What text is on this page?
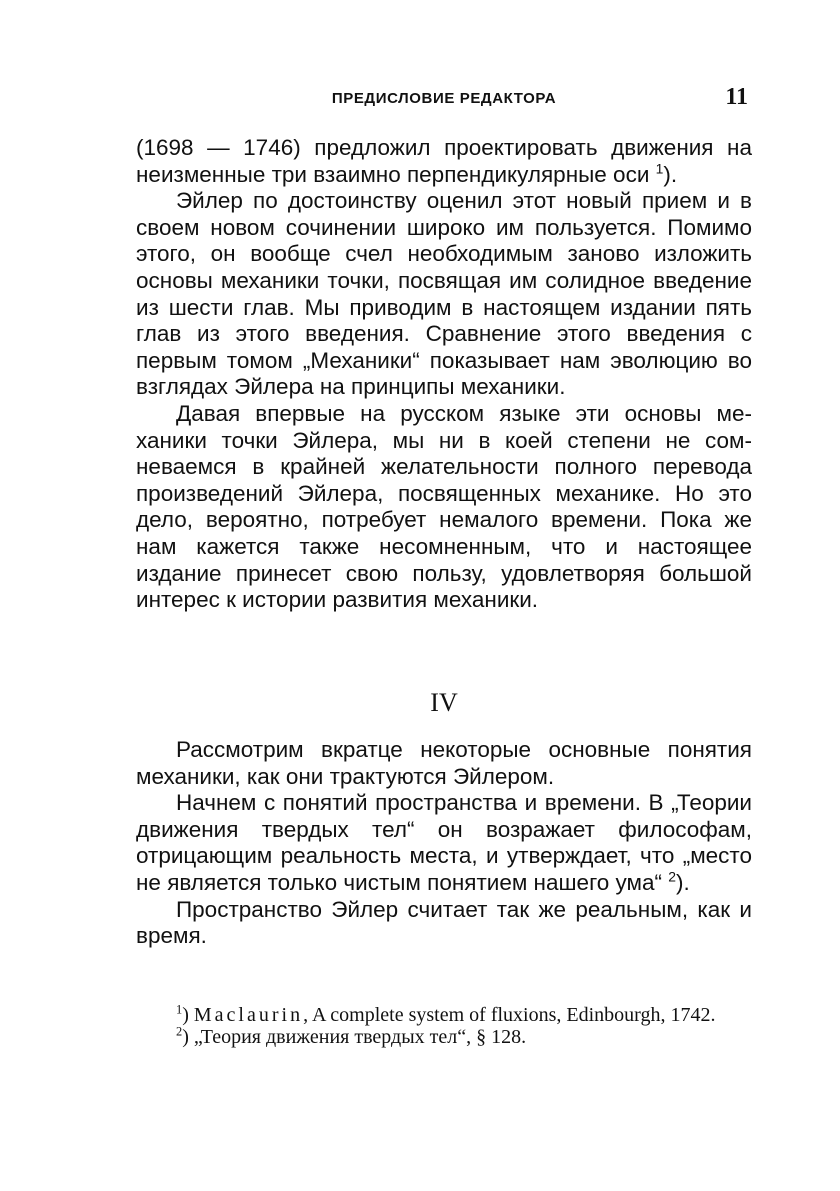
ПРЕДИСЛОВИЕ РЕДАКТОРА	11

(1698 — 1746) предложил проектировать движения на неизменные три взаимно перпендикулярные оси $^1$).

Эйлер по достоинству оценил этот новый прием и в своем новом сочинении широко им пользуется. Помимо этого, он вообще счел необходимым заново изложить основы механики точки, посвящая им солидное введение из шести глав. Мы приводим в настоящем издании пять глав из этого введения. Сравнение этого введения с первым томом „Механики“ показывает нам эволюцию во взглядах Эйлера на принципы механики.

Давая впервые на русском языке эти основы механики точки Эйлера, мы ни в коей степени не сомневаемся в крайней желательности полного перевода произведений Эйлера, посвященных механике. Но это дело, вероятно, потребует немалого времени. Пока же нам кажется также несомненным, что и настоящее издание принесет свою пользу, удовлетворяя большой интерес к истории развития механики.

IV

Рассмотрим вкратце некоторые основные понятия механики, как они трактуются Эйлером.

Начнем с понятий пространства и времени. В „Теории движения твердых тел“ он возражает философам, отрицающим реальность места, и утверждает, что „место не является только чистым понятием нашего ума“ $^2$).

Пространство Эйлер считает так же реальным, как и время.

$^1$) Maclaurin, A complete system of fluxions, Edinbourgh, 1742.

$^2$) „Теория движения твердых тел“, § 128.
